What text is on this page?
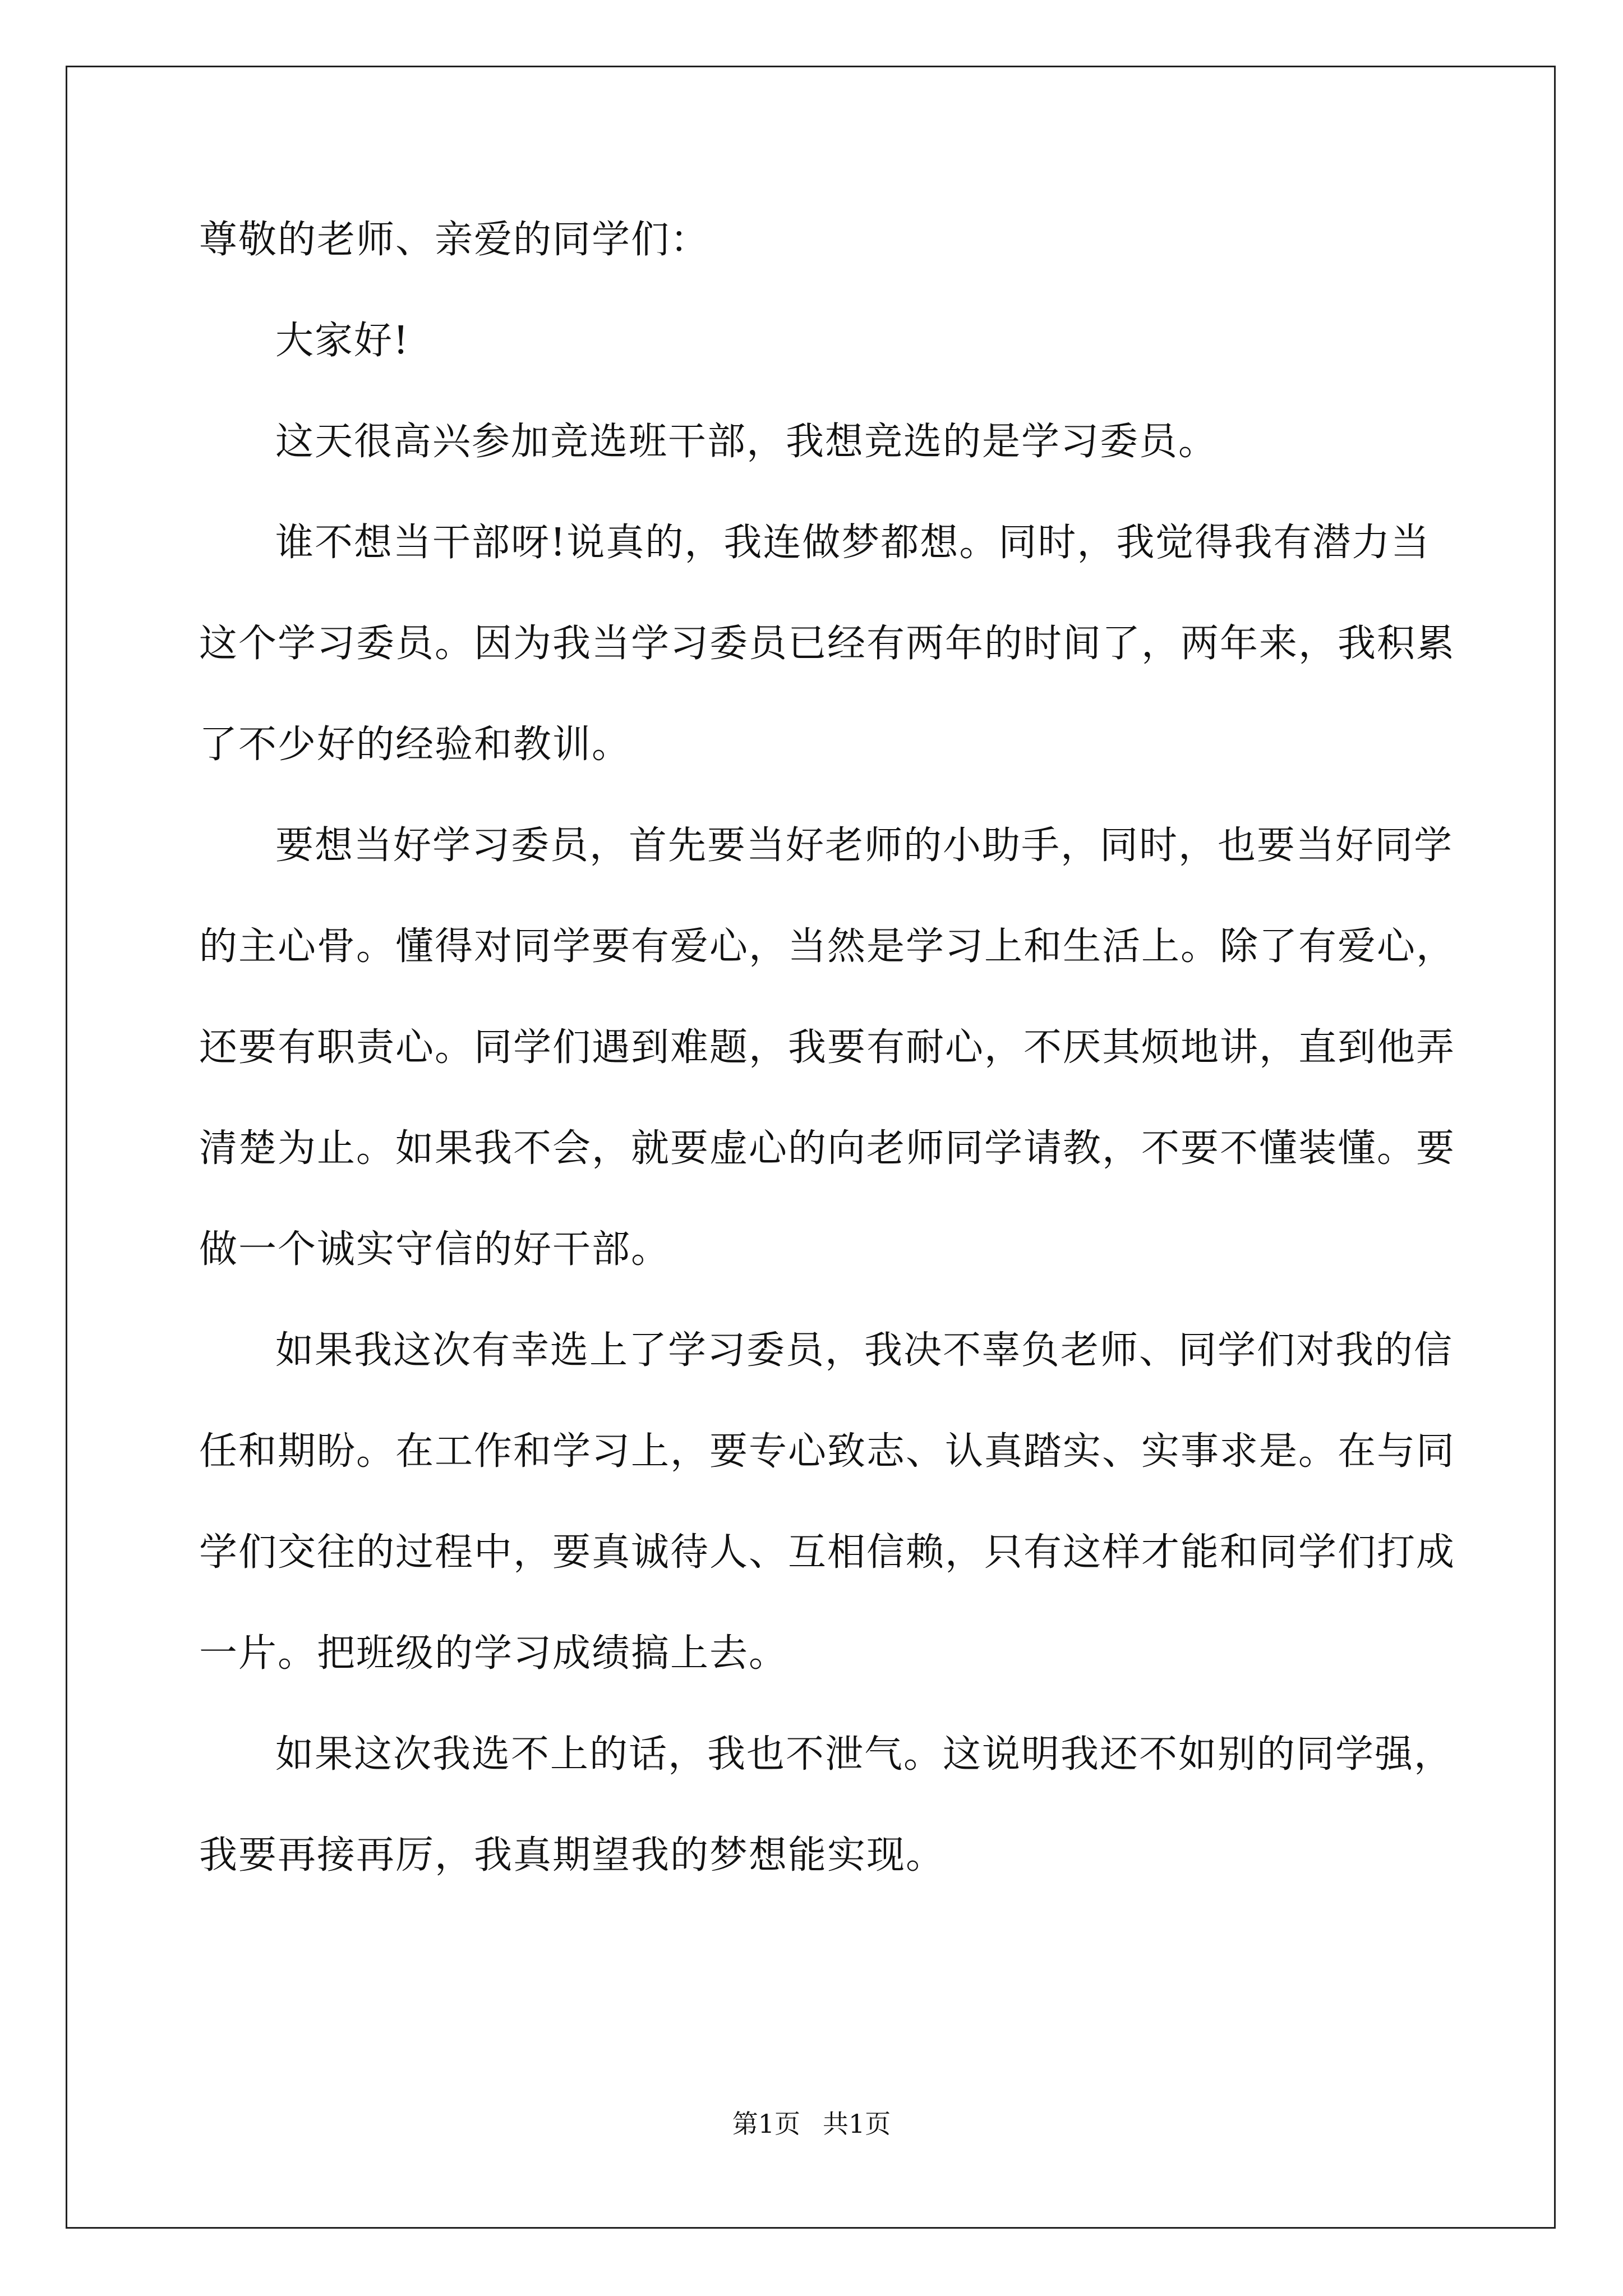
尊敬的老师、亲爱的同学们：

大家好!

这天很高兴参加竞选班干部，我想竞选的是学习委员。

谁不想当干部呀!说真的，我连做梦都想。同时，我觉得我有潜力当这个学习委员。因为我当学习委员已经有两年的时间了，两年来，我积累了不少好的经验和教训。

要想当好学习委员，首先要当好老师的小助手，同时，也要当好同学的主心骨。懂得对同学要有爱心，当然是学习上和生活上。除了有爱心，还要有职责心。同学们遇到难题，我要有耐心，不厌其烦地讲，直到他弄清楚为止。如果我不会，就要虚心的向老师同学请教，不要不懂装懂。要做一个诚实守信的好干部。

如果我这次有幸选上了学习委员，我决不辜负老师、同学们对我的信任和期盼。在工作和学习上，要专心致志、认真踏实、实事求是。在与同学们交往的过程中，要真诚待人、互相信赖，只有这样才能和同学们打成一片。把班级的学习成绩搞上去。

如果这次我选不上的话，我也不泄气。这说明我还不如别的同学强，我要再接再厉，我真期望我的梦想能实现。

第1页 共1页
